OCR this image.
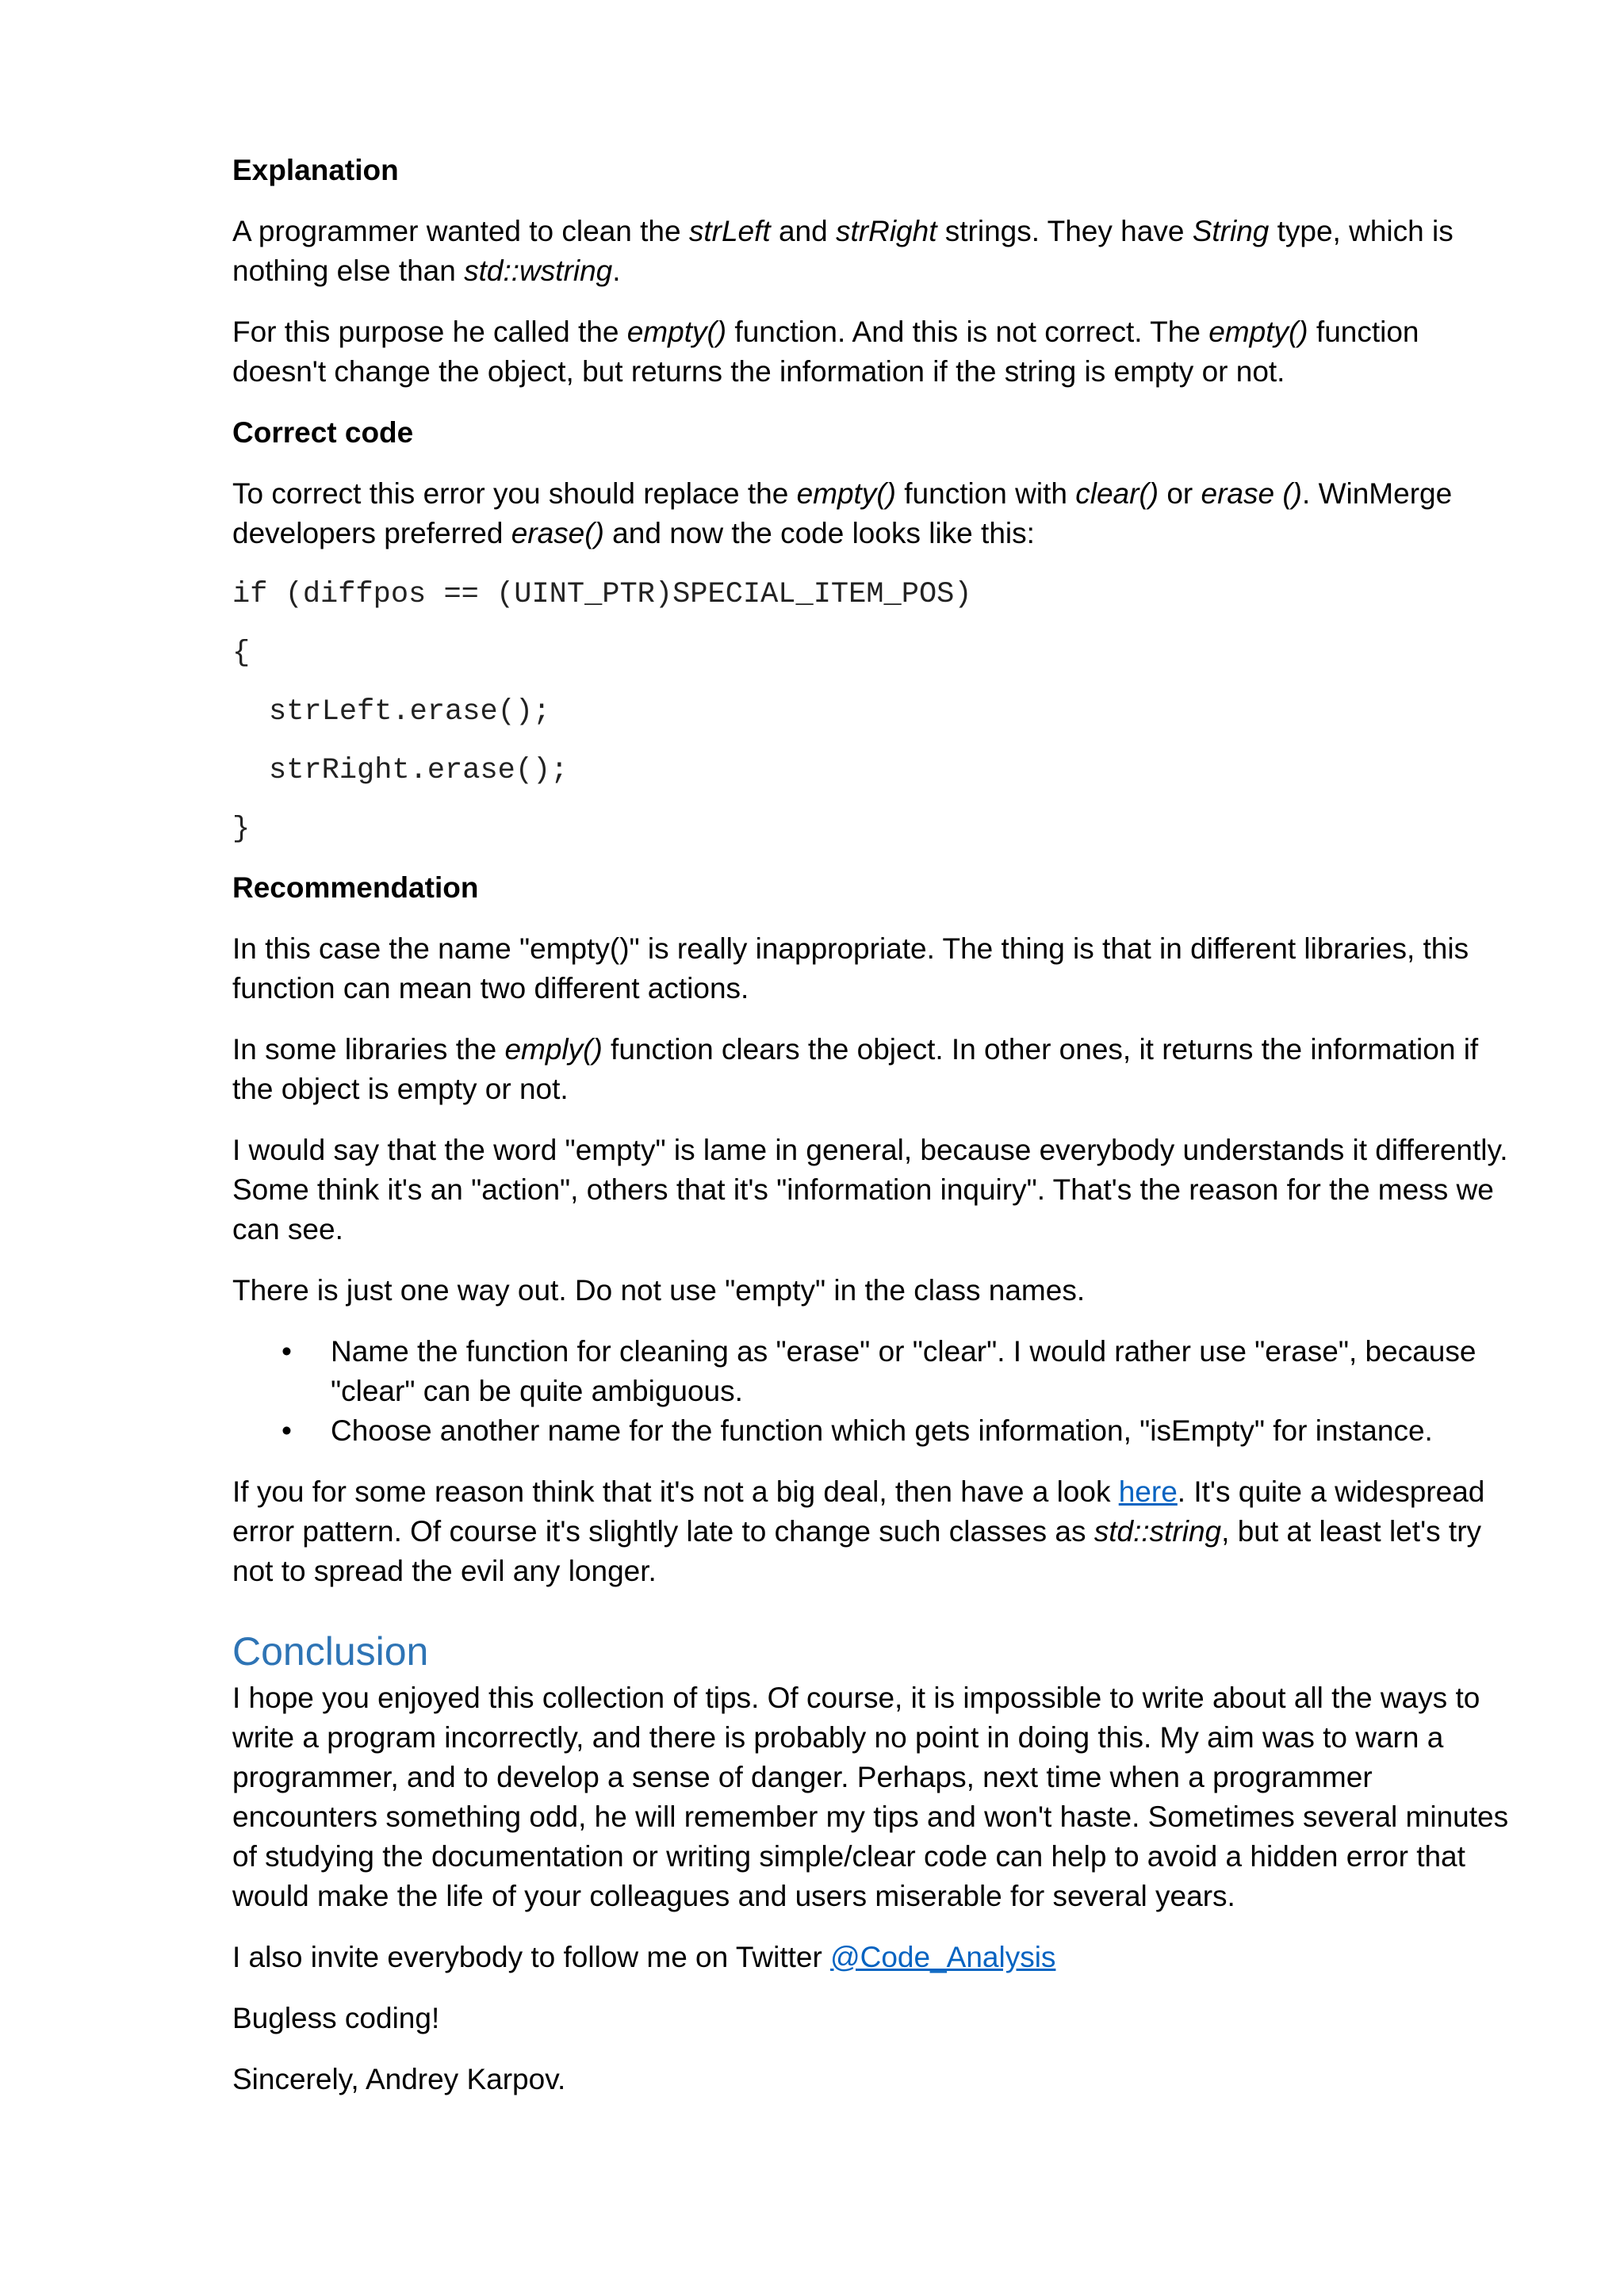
Explanation

A programmer wanted to clean the strLeft and strRight strings. They have String type, which is nothing else than std::wstring.

For this purpose he called the empty() function. And this is not correct. The empty() function doesn't change the object, but returns the information if the string is empty or not.

Correct code

To correct this error you should replace the empty() function with clear() or erase (). WinMerge developers preferred erase() and now the code looks like this:

if (diffpos == (UINT_PTR)SPECIAL_ITEM_POS)
{
strLeft.erase();
strRight.erase();
}
Recommendation

In this case the name "empty()" is really inappropriate. The thing is that in different libraries, this function can mean two different actions.

In some libraries the emply() function clears the object. In other ones, it returns the information if the object is empty or not.

I would say that the word "empty" is lame in general, because everybody understands it differently. Some think it's an "action", others that it's "information inquiry". That's the reason for the mess we can see.

There is just one way out. Do not use "empty" in the class names.

• Name the function for cleaning as "erase" or "clear". I would rather use "erase", because "clear" can be quite ambiguous.
• Choose another name for the function which gets information, "isEmpty" for instance.

If you for some reason think that it's not a big deal, then have a look here. It's quite a widespread error pattern. Of course it's slightly late to change such classes as std::string, but at least let's try not to spread the evil any longer.

Conclusion

I hope you enjoyed this collection of tips. Of course, it is impossible to write about all the ways to write a program incorrectly, and there is probably no point in doing this. My aim was to warn a programmer, and to develop a sense of danger. Perhaps, next time when a programmer encounters something odd, he will remember my tips and won't haste. Sometimes several minutes of studying the documentation or writing simple/clear code can help to avoid a hidden error that would make the life of your colleagues and users miserable for several years.

I also invite everybody to follow me on Twitter @Code_Analysis

Bugless coding!

Sincerely, Andrey Karpov.
